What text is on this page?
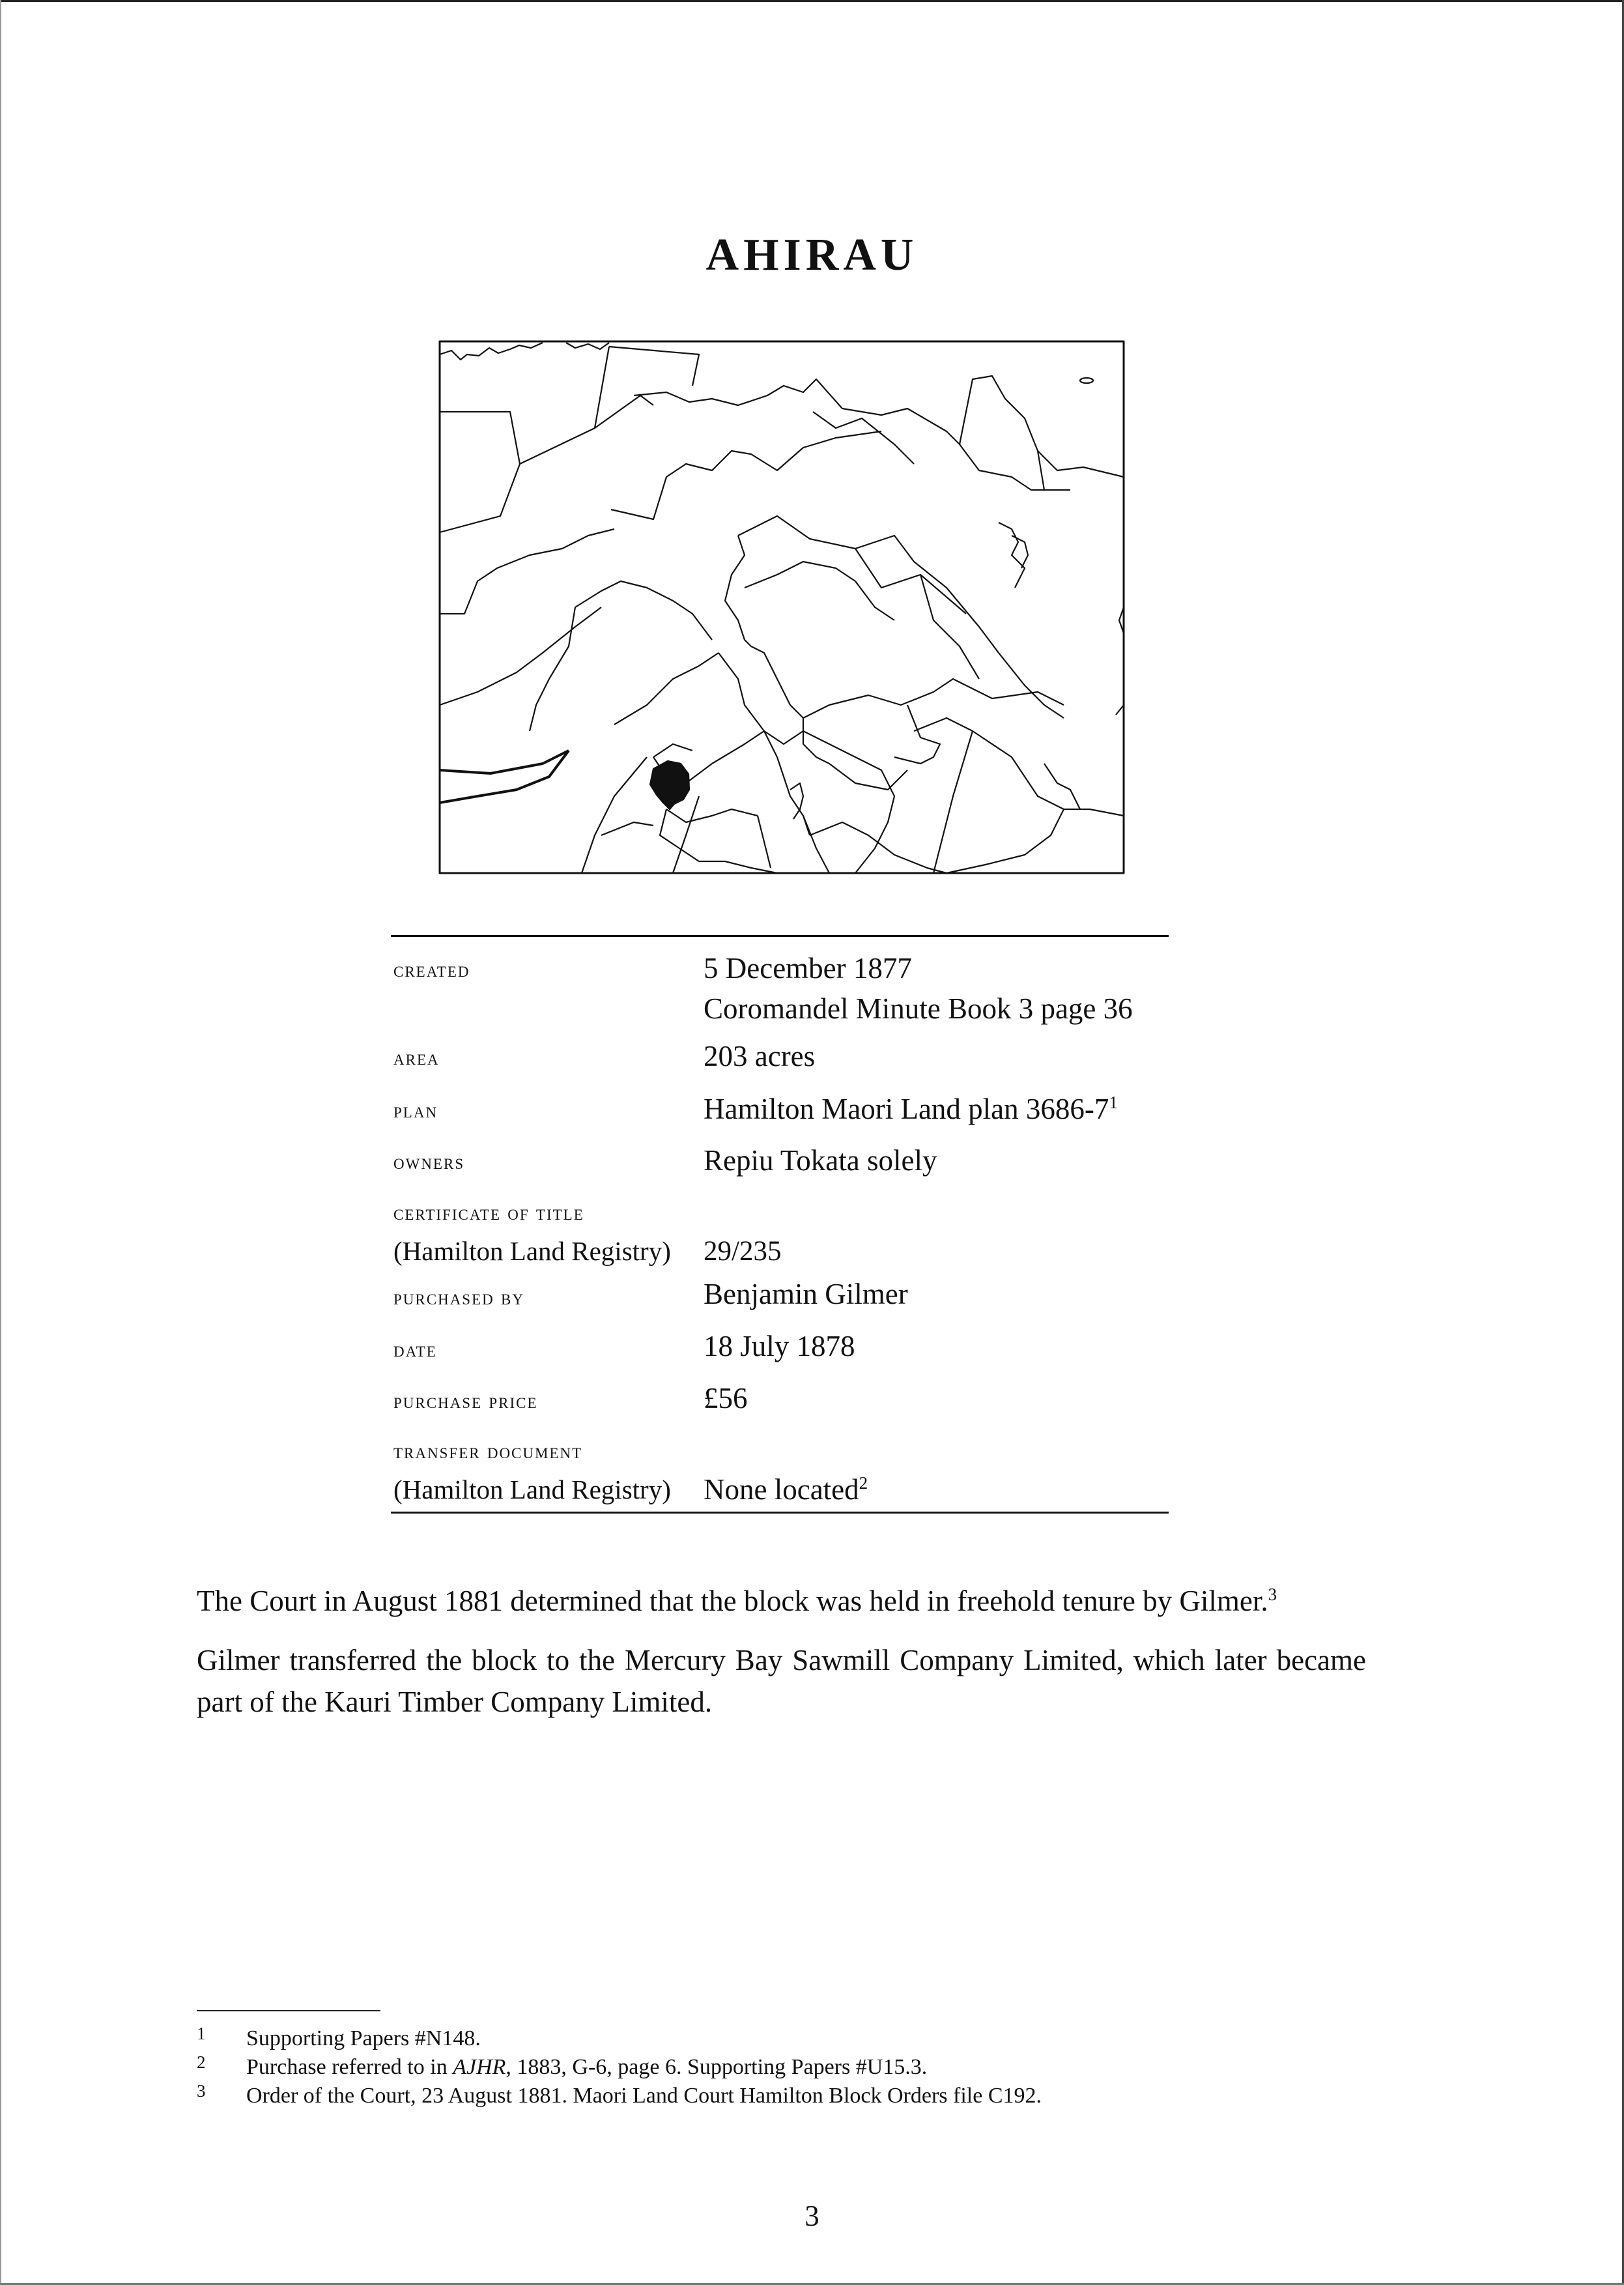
AHIRAU
created	5 December 1877
Coromandel Minute Book 3 page 36
area	203 acres
plan	Hamilton Maori Land plan $3686-7^1$
owners	Repiu Tokata solely
certificate of title
(Hamilton Land Registry) 29/235
purchased by	Benjamin Gilmer
date	18 July 1878
purchase price	£56
transfer document
(Hamilton Land Registry) None located$^2$
The Court in August 1881 determined that the block was held in freehold tenure by Gilmer.$^3$
Gilmer transferred the block to the Mercury Bay Sawmill Company Limited, which later became part of the Kauri Timber Company Limited.
1 Supporting Papers #N148.
2 Purchase referred to in AJHR, 1883, G-6, page 6. Supporting Papers #U15.3.
3 Order of the Court, 23 August 1881. Maori Land Court Hamilton Block Orders file C192.
3
